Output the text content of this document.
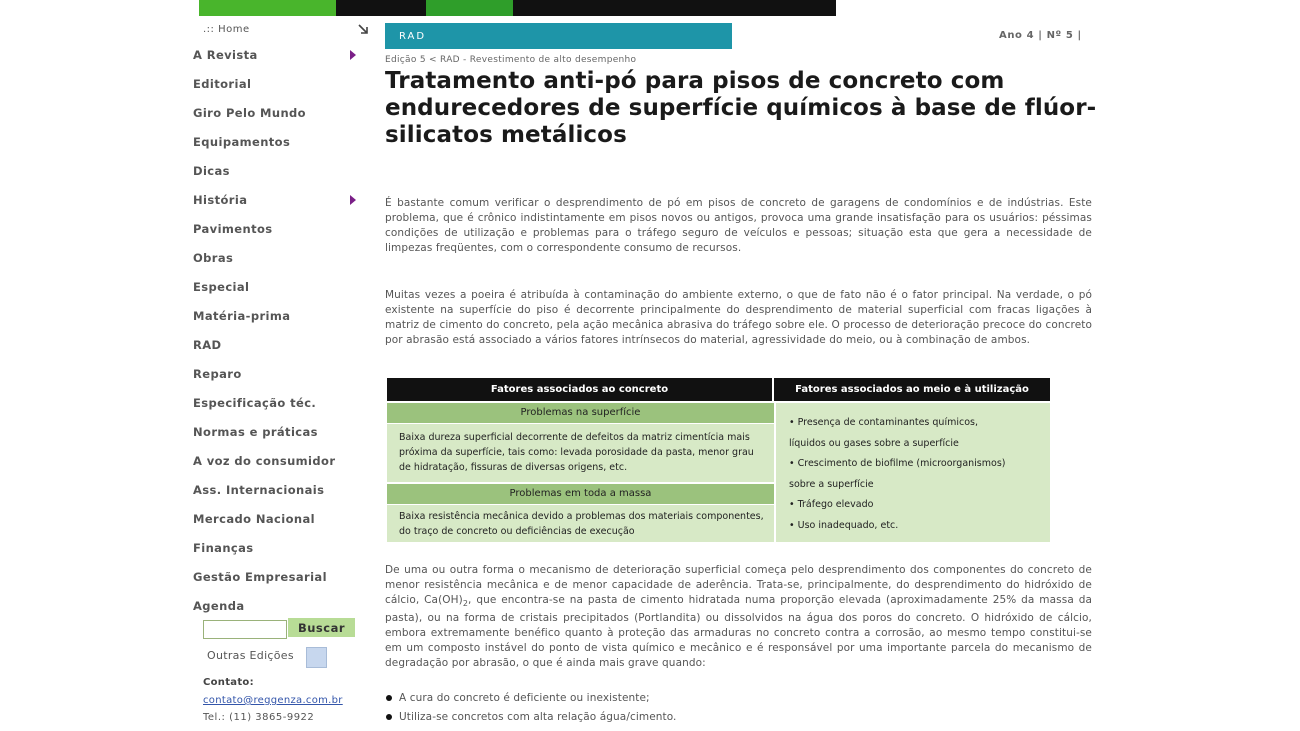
.:: Home
A Revista
Editorial
Giro Pelo Mundo
Equipamentos
Dicas
História
Pavimentos
Obras
Especial
Matéria-prima
RAD
Reparo
Especificação téc.
Normas e práticas
A voz do consumidor
Ass. Internacionais
Mercado Nacional
Finanças
Gestão Empresarial
Agenda
Buscar
Outras Edições
Contato:
contato@reggenza.com.br
Tel.: (11) 3865-9922
RAD	Ano 4 | Nº 5 |
Edição 5 < RAD - Revestimento de alto desempenho
Tratamento anti-pó para pisos de concreto com endurecedores de superfície químicos à base de flúor-silicatos metálicos

É bastante comum verificar o desprendimento de pó em pisos de concreto de garagens de condomínios e de indústrias. Este problema, que é crônico indistintamente em pisos novos ou antigos, provoca uma grande insatisfação para os usuários: péssimas condições de utilização e problemas para o tráfego seguro de veículos e pessoas; situação esta que gera a necessidade de limpezas freqüentes, com o correspondente consumo de recursos.

Muitas vezes a poeira é atribuída à contaminação do ambiente externo, o que de fato não é o fator principal. Na verdade, o pó existente na superfície do piso é decorrente principalmente do desprendimento de material superficial com fracas ligações à matriz de cimento do concreto, pela ação mecânica abrasiva do tráfego sobre ele. O processo de deterioração precoce do concreto por abrasão está associado a vários fatores intrínsecos do material, agressividade do meio, ou à combinação de ambos.

Fatores associados ao concreto	Fatores associados ao meio e à utilização
Problemas na superfície

Baixa dureza superficial decorrente de defeitos da matriz cimentícia mais próxima da superfície, tais como: levada porosidade da pasta, menor grau de hidratação, fissuras de diversas origens, etc.

Problemas em toda a massa

Baixa resistência mecânica devido a problemas dos materiais componentes, do traço de concreto ou deficiências de execução

• Presença de contaminantes químicos,
líquidos ou gases sobre a superfície
• Crescimento de biofilme (microorganismos)
sobre a superfície
• Tráfego elevado
• Uso inadequado, etc.

De uma ou outra forma o mecanismo de deterioração superficial começa pelo desprendimento dos componentes do concreto de menor resistência mecânica e de menor capacidade de aderência. Trata-se, principalmente, do desprendimento do hidróxido de cálcio, $Ca(OH)_2$, que encontra-se na pasta de cimento hidratada numa proporção elevada (aproximadamente 25% da massa da pasta), ou na forma de cristais precipitados (Portlandita) ou dissolvidos na água dos poros do concreto. O hidróxido de cálcio, embora extremamente benéfico quanto à proteção das armaduras no concreto contra a corrosão, ao mesmo tempo constitui-se em um composto instável do ponto de vista químico e mecânico e é responsável por uma importante parcela do mecanismo de degradação por abrasão, o que é ainda mais grave quando:

A cura do concreto é deficiente ou inexistente;
Utiliza-se concretos com alta relação água/cimento.
